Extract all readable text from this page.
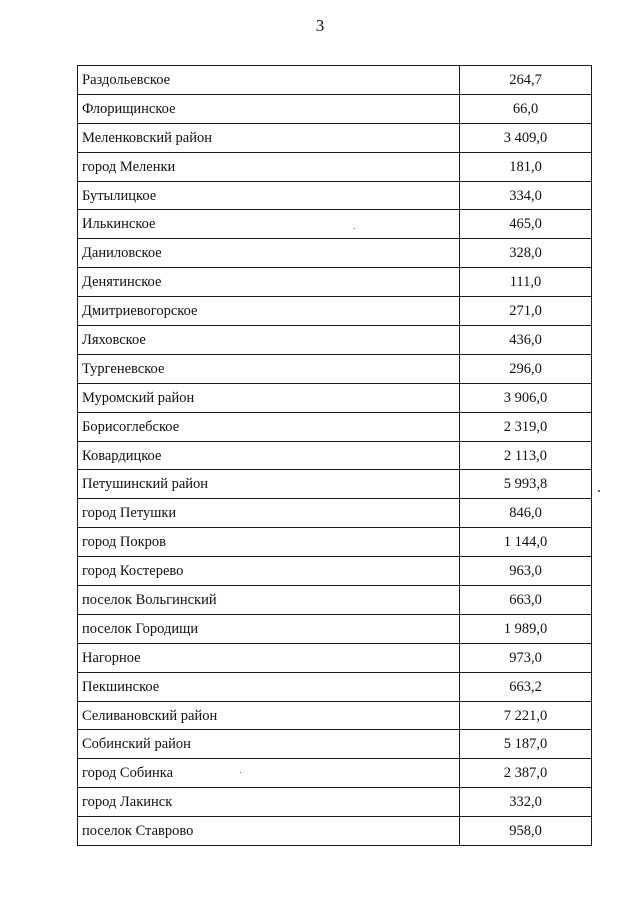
3
Раздольевское	264,7
Флорищинское	66,0
Меленковский район	3 409,0
город Меленки	181,0
Бутылицкое	334,0
Илькинское	465,0
Даниловское	328,0
Денятинское	111,0
Дмитриевогорское	271,0
Ляховское	436,0
Тургеневское	296,0
Муромский район	3 906,0
Борисоглебское	2 319,0
Ковардицкое	2 113,0
Петушинский район	5 993,8
город Петушки	846,0
город Покров	1 144,0
город Костерево	963,0
поселок Вольгинский	663,0
поселок Городищи	1 989,0
Нагорное	973,0
Пекшинское	663,2
Селивановский район	7 221,0
Собинский район	5 187,0
город Собинка	2 387,0
город Лакинск	332,0
поселок Ставрово	958,0
